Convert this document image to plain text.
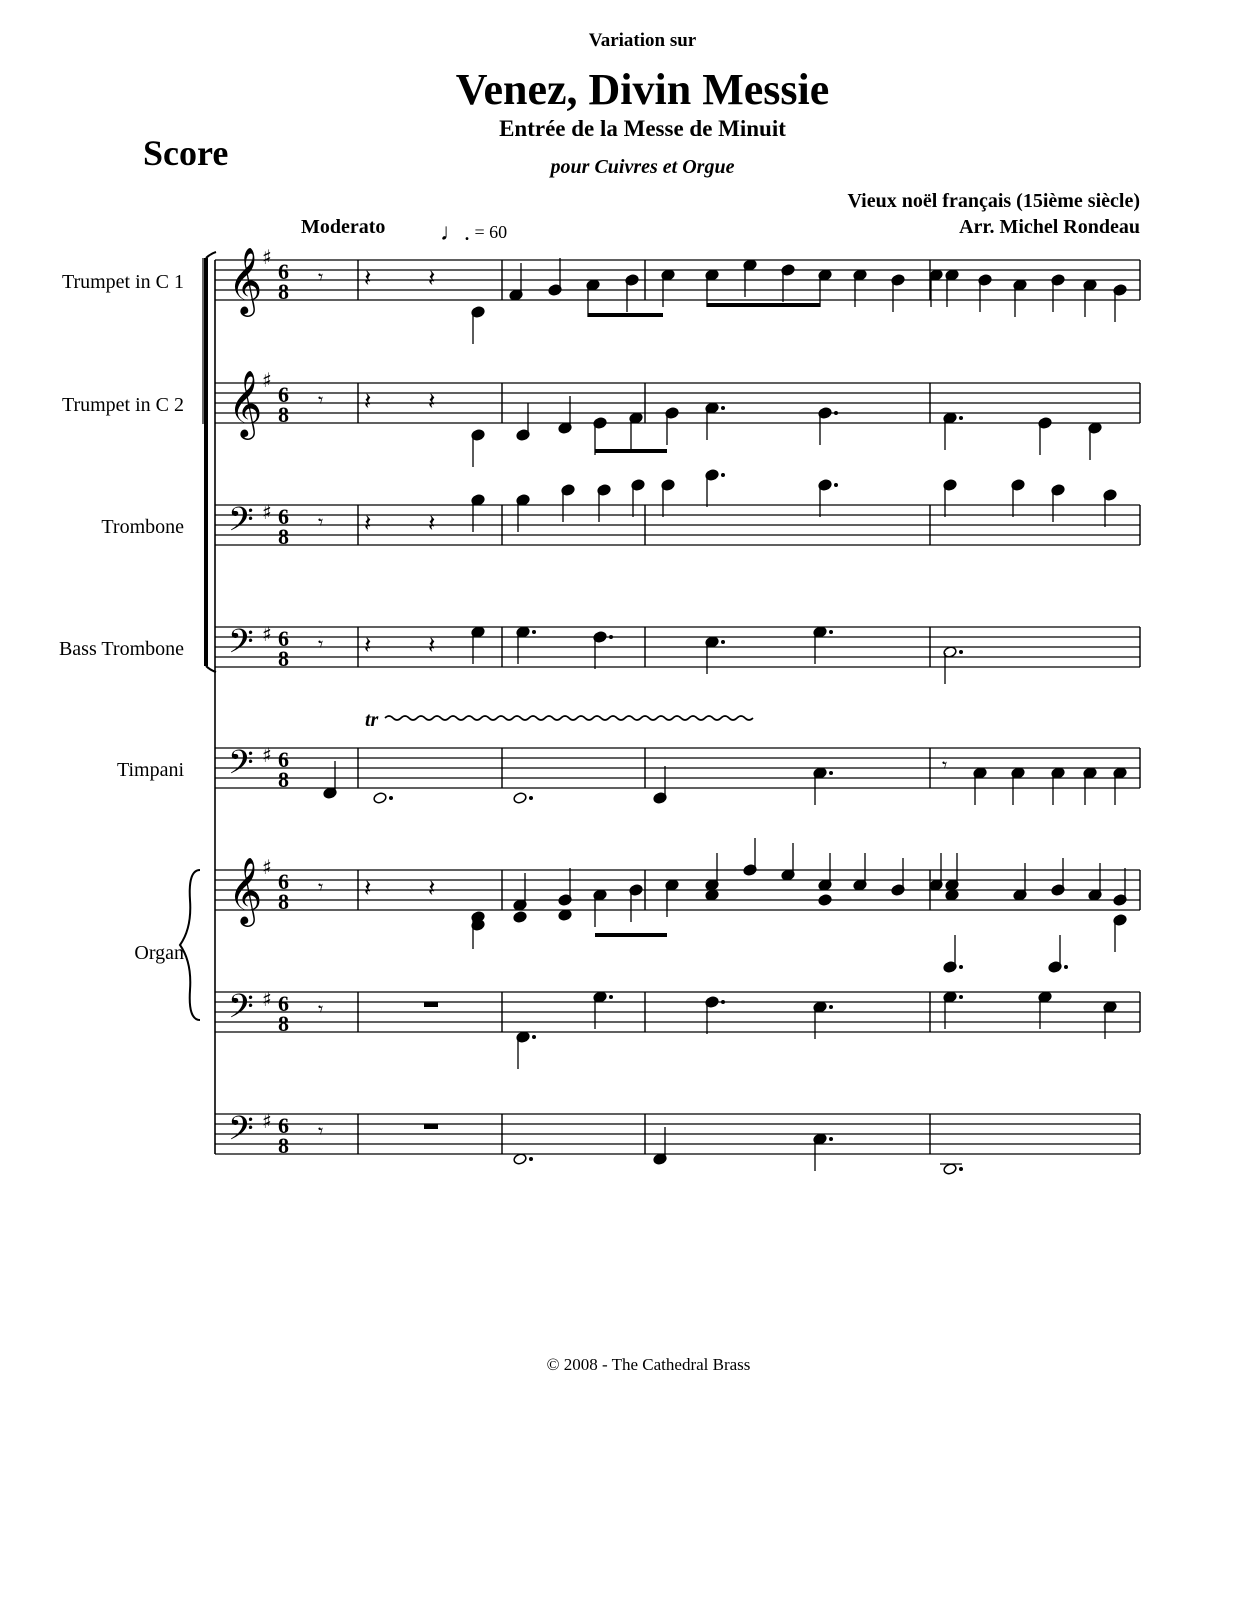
Variation sur
Venez, Divin Messie
Entrée de la Messe de Minuit
pour Cuivres et Orgue
Score
Vieux noël français (15ième siècle)
Arr. Michel Rondeau
Moderato ♩. = 60
Trumpet in C 1
Trumpet in C 2
Trombone
Bass Trombone
Timpani
Organ
𝄞 ♯
6
8
𝄞 ♯
6
8
𝄢 ♯ 6
8
𝄢 ♯ 6
8
𝄢 ♯ 6
8
𝄞 ♯
6
8
𝄢 ♯ 6
8
𝄢 ♯ 6
8
𝄾 𝄽 𝄽
𝄾 𝄽 𝄽
𝄾 𝄽 𝄽
𝄾 𝄽 𝄽
𝄾
tr
𝄾 𝄽 𝄽
𝄾
𝄾
© 2008 - The Cathedral Brass
